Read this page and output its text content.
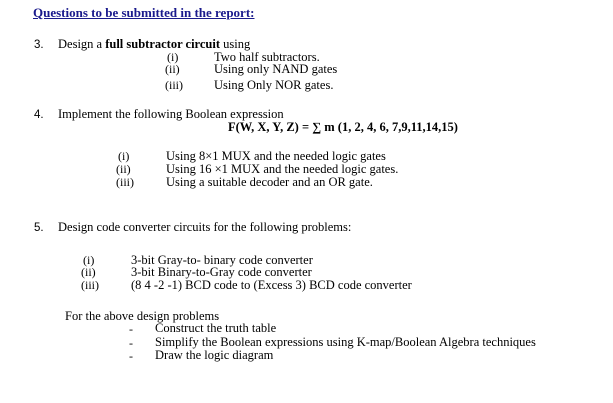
Questions to be submitted in the report:
3. Design a full subtractor circuit using
(i)	Two half subtractors.
(ii)	Using only NAND gates
(iii) Using Only NOR gates.
4. Implement the following Boolean expression
F(W, X, Y, Z) = ∑ m (1, 2, 4, 6, 7,9,11,14,15)
(i)	Using 8×1 MUX and the needed logic gates
(ii)	Using 16 ×1 MUX and the needed logic gates.
(iii)	Using a suitable decoder and an OR gate.
5. Design code converter circuits for the following problems:
(i)	3-bit Gray-to- binary code converter
(ii)	3-bit Binary-to-Gray code converter
(iii)	(8 4 -2 -1) BCD code to (Excess 3) BCD code converter
For the above design problems
- Construct the truth table
- Simplify the Boolean expressions using K-map/Boolean Algebra techniques
- Draw the logic diagram
